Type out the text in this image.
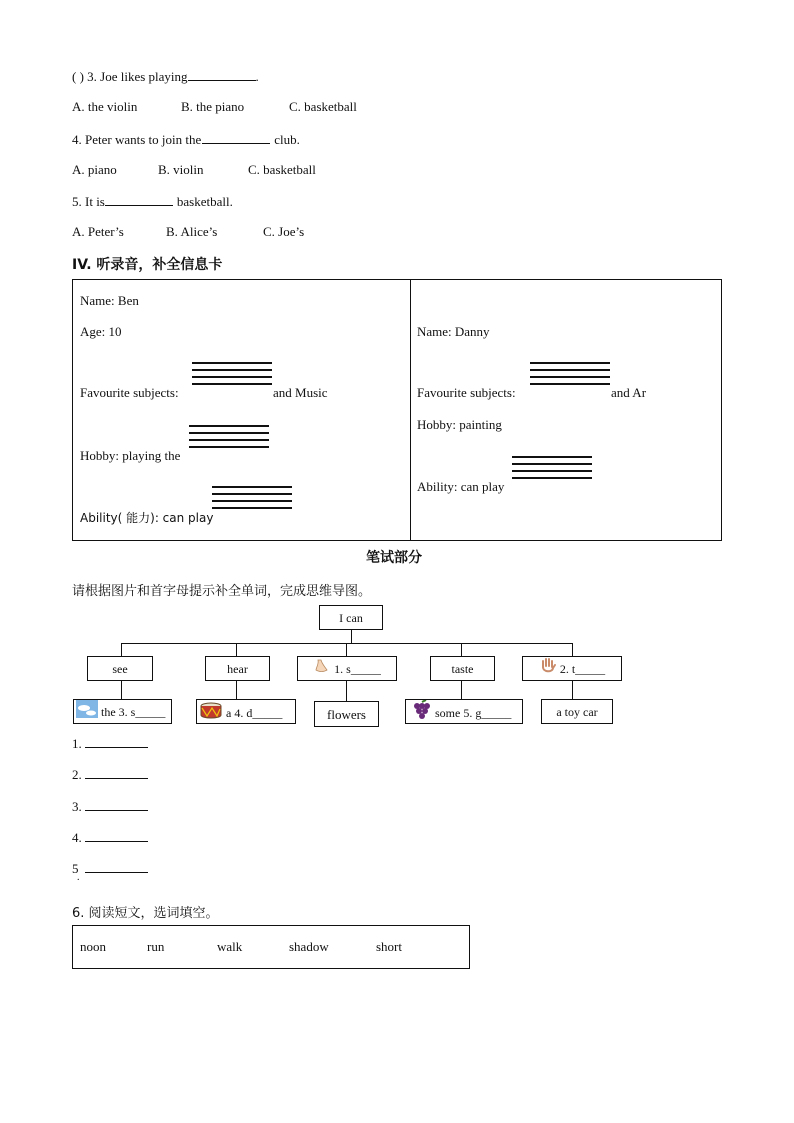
( ) 3. Joe likes playing	.
A. the violin	B. the piano	C. basketball
4. Peter wants to join the	club.
A. piano	B. violin	C. basketball
5. It is	basketball.
A. Peter’s	B. Alice’s	C. Joe’s
IV. 听录音，补全信息卡
Name: Ben
Age: 10
Favourite subjects:	and Music
Hobby: playing the
Ability( 能力): can play
Name: Danny
Favourite subjects:	and Ar
Hobby: painting
Ability: can play
笔试部分
请根据图片和首字母提示补全单词，完成思维导图。
I can
see	hear	1. s_____	taste	2. t_____
the 3. s_____	a 4. d_____	flowers	some 5. g_____	a toy car
1.
2.
3.
4.
5
.
6. 阅读短文，选词填空。
noon	run	walk	shadow	short
